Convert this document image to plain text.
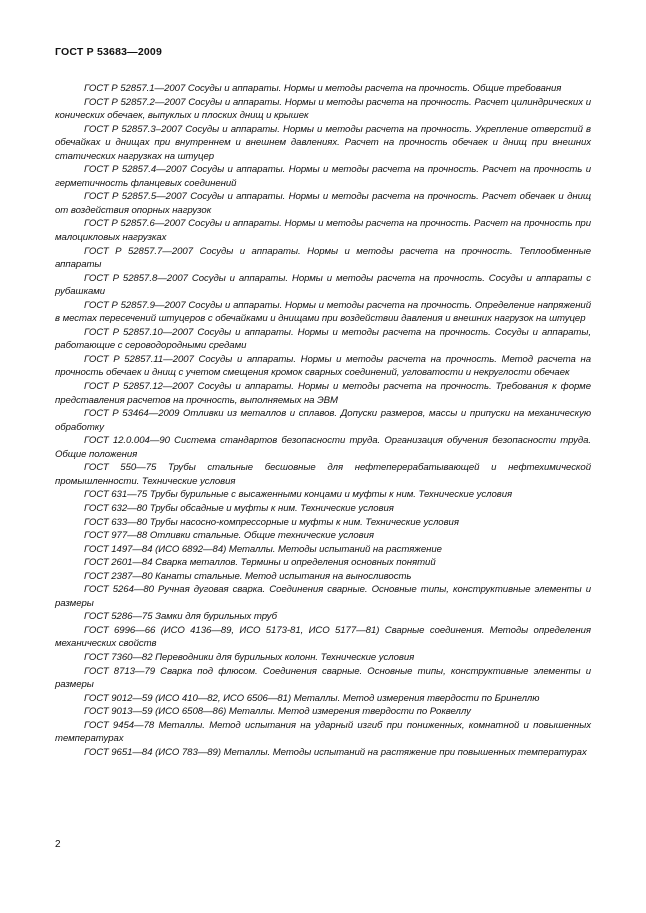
ГОСТ Р 53683—2009

ГОСТ Р 52857.1—2007 Сосуды и аппараты. Нормы и методы расчета на прочность. Общие требования

ГОСТ Р 52857.2—2007 Сосуды и аппараты. Нормы и методы расчета на прочность. Расчет цилиндрических и конических обечаек, выпуклых и плоских днищ и крышек

ГОСТ Р 52857.3–2007 Сосуды и аппараты. Нормы и методы расчета на прочность. Укрепление отверстий в обечайках и днищах при внутреннем и внешнем давлениях. Расчет на прочность обечаек и днищ при внешних статических нагрузках на штуцер

ГОСТ Р 52857.4—2007 Сосуды и аппараты. Нормы и методы расчета на прочность. Расчет на прочность и герметичность фланцевых соединений

ГОСТ Р 52857.5—2007 Сосуды и аппараты. Нормы и методы расчета на прочность. Расчет обечаек и днищ от воздействия опорных нагрузок

ГОСТ Р 52857.6—2007 Сосуды и аппараты. Нормы и методы расчета на прочность. Расчет на прочность при малоцикловых нагрузках

ГОСТ Р 52857.7—2007 Сосуды и аппараты. Нормы и методы расчета на прочность. Теплообменные аппараты

ГОСТ Р 52857.8—2007 Сосуды и аппараты. Нормы и методы расчета на прочность. Сосуды и аппараты с рубашками

ГОСТ Р 52857.9—2007 Сосуды и аппараты. Нормы и методы расчета на прочность. Определение напряжений в местах пересечений штуцеров с обечайками и днищами при воздействии давления и внешних нагрузок на штуцер

ГОСТ Р 52857.10—2007 Сосуды и аппараты. Нормы и методы расчета на прочность. Сосуды и аппараты, работающие с сероводородными средами

ГОСТ Р 52857.11—2007 Сосуды и аппараты. Нормы и методы расчета на прочность. Метод расчета на прочность обечаек и днищ с учетом смещения кромок сварных соединений, угловатости и некруглости обечаек

ГОСТ Р 52857.12—2007 Сосуды и аппараты. Нормы и методы расчета на прочность. Требования к форме представления расчетов на прочность, выполняемых на ЭВМ

ГОСТ Р 53464—2009 Отливки из металлов и сплавов. Допуски размеров, массы и припуски на механическую обработку

ГОСТ 12.0.004—90 Система стандартов безопасности труда. Организация обучения безопасности труда. Общие положения

ГОСТ 550—75 Трубы стальные бесшовные для нефтеперерабатывающей и нефтехимической промышленности. Технические условия

ГОСТ 631—75 Трубы бурильные с высаженными концами и муфты к ним. Технические условия

ГОСТ 632—80 Трубы обсадные и муфты к ним. Технические условия

ГОСТ 633—80 Трубы насосно-компрессорные и муфты к ним. Технические условия

ГОСТ 977—88 Отливки стальные. Общие технические условия

ГОСТ 1497—84 (ИСО 6892—84) Металлы. Методы испытаний на растяжение

ГОСТ 2601—84 Сварка металлов. Термины и определения основных понятий

ГОСТ 2387—80 Канаты стальные. Метод испытания на выносливость

ГОСТ 5264—80 Ручная дуговая сварка. Соединения сварные. Основные типы, конструктивные элементы и размеры

ГОСТ 5286—75 Замки для бурильных труб

ГОСТ 6996—66 (ИСО 4136—89, ИСО 5173-81, ИСО 5177—81) Сварные соединения. Методы определения механических свойств

ГОСТ 7360—82 Переводники для бурильных колонн. Технические условия

ГОСТ 8713—79 Сварка под флюсом. Соединения сварные. Основные типы, конструктивные элементы и размеры

ГОСТ 9012—59 (ИСО 410—82, ИСО 6506—81) Металлы. Метод измерения твердости по Бринеллю

ГОСТ 9013—59 (ИСО 6508—86) Металлы. Метод измерения твердости по Роквеллу

ГОСТ 9454—78 Металлы. Метод испытания на ударный изгиб при пониженных, комнатной и повышенных температурах

ГОСТ 9651—84 (ИСО 783—89) Металлы. Методы испытаний на растяжение при повышенных температурах

2
